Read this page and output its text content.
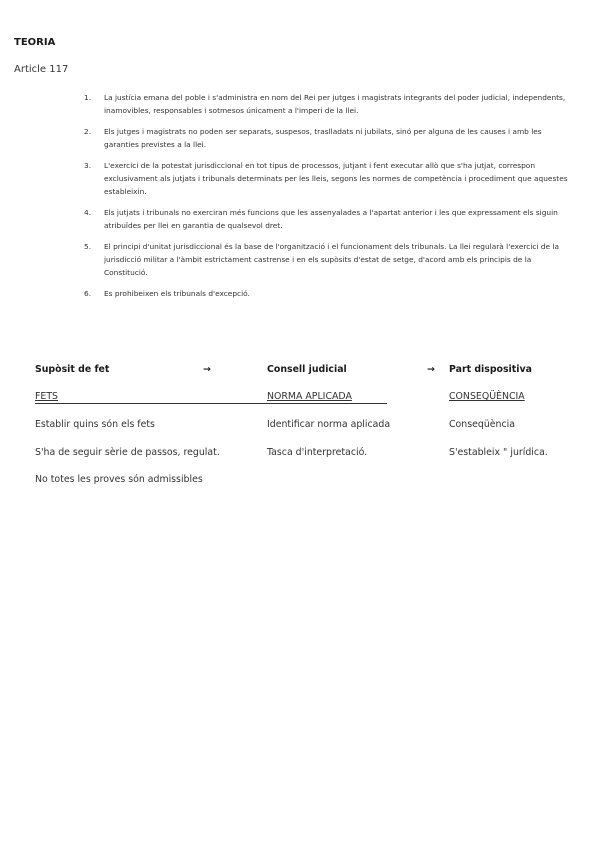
TEORIA
Article 117
1.	La justícia emana del poble i s'administra en nom del Rei per jutges i magistrats integrants del poder judicial, independents, inamovibles, responsables i sotmesos únicament a l'imperi de la llei.
2.	Els jutges i magistrats no poden ser separats, suspesos, traslladats ni jubilats, sinó per alguna de les causes i amb les garanties previstes a la llei.
3.	L'exercici de la potestat jurisdiccional en tot tipus de processos, jutjant i fent executar allò que s'ha jutjat, correspon exclusivament als jutjats i tribunals determinats per les lleis, segons les normes de competència i procediment que aquestes estableixin.
4.	Els jutjats i tribunals no exerciran més funcions que les assenyalades a l'apartat anterior i les que expressament els siguin atribuïdes per llei en garantia de qualsevol dret.
5.	El principi d'unitat jurisdiccional és la base de l'organització i el funcionament dels tribunals. La llei regularà l'exercici de la jurisdicció militar a l'àmbit estrictament castrense i en els supòsits d'estat de setge, d'acord amb els principis de la Constitució.
6.	Es prohibeixen els tribunals d'excepció.
Supòsit de fet	→	Consell judicial	→ Part dispositiva
FETS	NORMA APLICADA	CONSEQÜÈNCIA
Establir quins són els fets	Identificar norma aplicada	Conseqüència
S'ha de seguir sèrie de passos, regulat.	Tasca d'interpretació.	S'estableix " jurídica.
No totes les proves són admissibles
